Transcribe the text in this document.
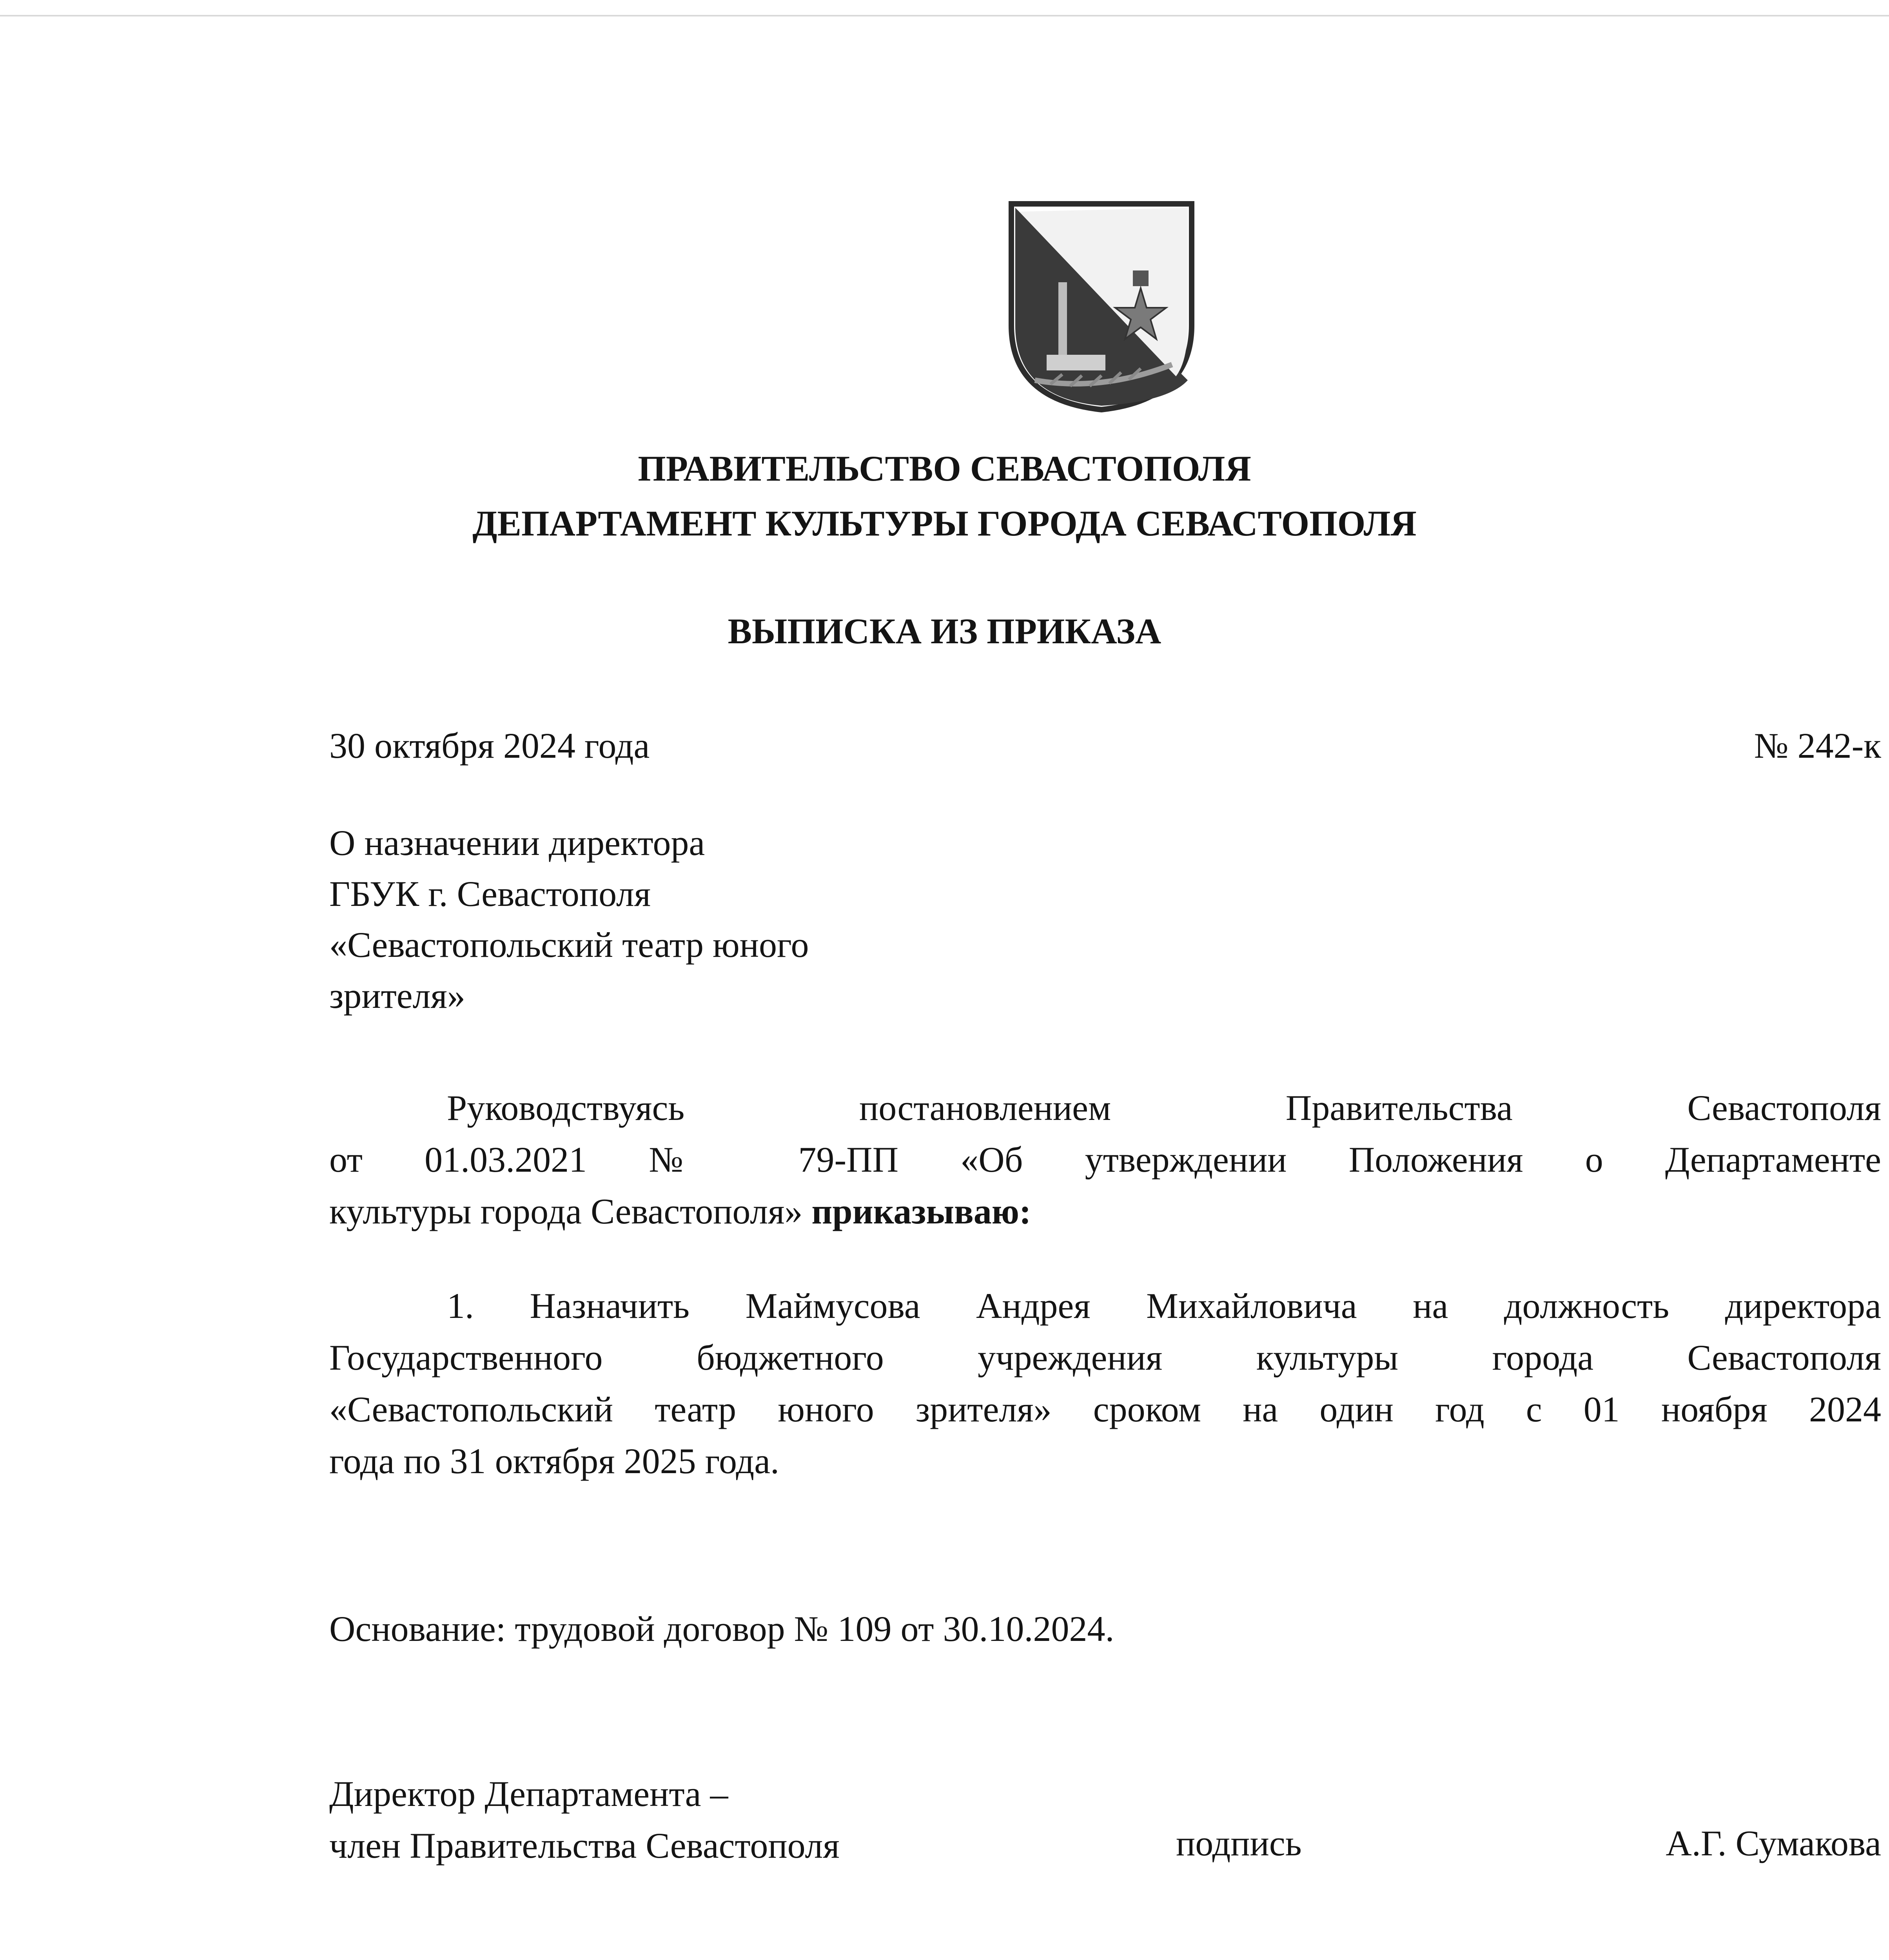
ПРАВИТЕЛЬСТВО СЕВАСТОПОЛЯ
ДЕПАРТАМЕНТ КУЛЬТУРЫ ГОРОДА СЕВАСТОПОЛЯ
ВЫПИСКА ИЗ ПРИКАЗА
30 октября 2024 года	№ 242-к
О назначении директора
ГБУК г. Севастополя
«Севастопольский театр юного
зрителя»
Руководствуясь постановлением Правительства Севастополя
от 01.03.2021 № 79-ПП «Об утверждении Положения о Департаменте
культуры города Севастополя» приказываю:
1. Назначить Маймусова Андрея Михайловича на должность директора
Государственного бюджетного учреждения культуры города Севастополя
«Севастопольский театр юного зрителя» сроком на один год с 01 ноября 2024
года по 31 октября 2025 года.
Основание: трудовой договор № 109 от 30.10.2024.
Директор Департамента –
член Правительства Севастополя	подпись	А.Г. Сумакова
